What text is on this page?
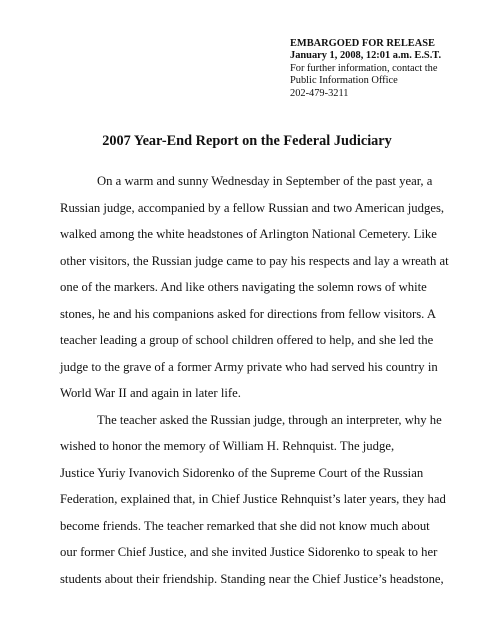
EMBARGOED FOR RELEASE
January 1, 2008, 12:01 a.m. E.S.T.
For further information, contact the
Public Information Office
202-479-3211
2007 Year-End Report on the Federal Judiciary
On a warm and sunny Wednesday in September of the past year, a
Russian judge, accompanied by a fellow Russian and two American judges,
walked among the white headstones of Arlington National Cemetery. Like
other visitors, the Russian judge came to pay his respects and lay a wreath at
one of the markers. And like others navigating the solemn rows of white
stones, he and his companions asked for directions from fellow visitors. A
teacher leading a group of school children offered to help, and she led the
judge to the grave of a former Army private who had served his country in
World War II and again in later life.
The teacher asked the Russian judge, through an interpreter, why he
wished to honor the memory of William H. Rehnquist. The judge,
Justice Yuriy Ivanovich Sidorenko of the Supreme Court of the Russian
Federation, explained that, in Chief Justice Rehnquist’s later years, they had
become friends. The teacher remarked that she did not know much about
our former Chief Justice, and she invited Justice Sidorenko to speak to her
students about their friendship. Standing near the Chief Justice’s headstone,
